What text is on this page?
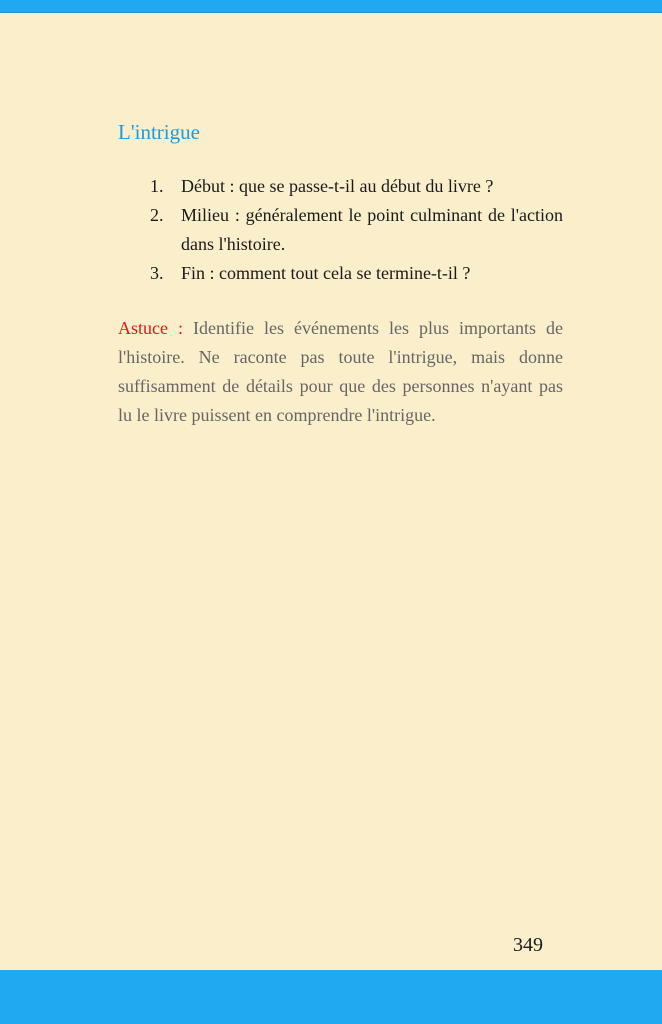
L'intrigue
1. Début : que se passe-t-il au début du livre ?
2. Milieu : généralement le point culminant de l'action dans l'histoire.
3. Fin : comment tout cela se termine-t-il ?

Astuce : Identifie les événements les plus importants de l'histoire. Ne raconte pas toute l'intrigue, mais donne suffisamment de détails pour que des personnes n'ayant pas lu le livre puissent en comprendre l'intrigue.

349
